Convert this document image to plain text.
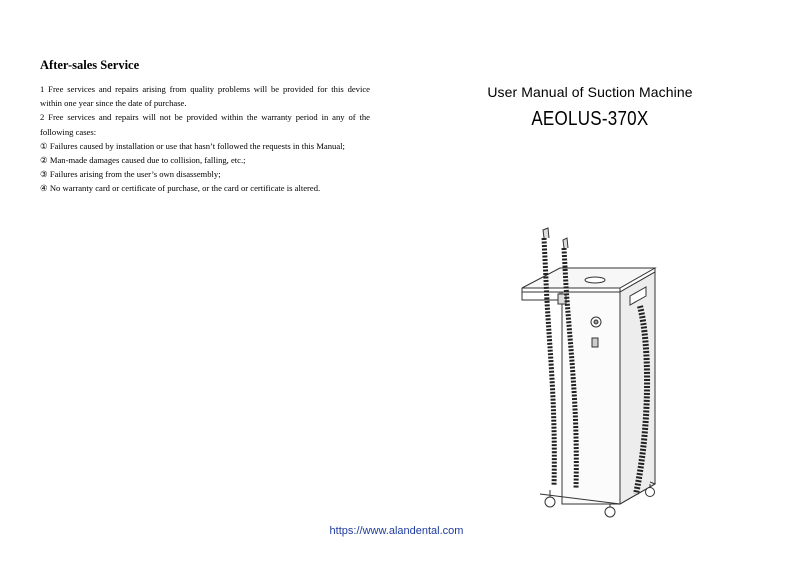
After-sales Service

1 Free services and repairs arising from quality problems will be provided for this device within one year since the date of purchase.

2 Free services and repairs will not be provided within the warranty period in any of the following cases:

① Failures caused by installation or use that hasn’t followed the requests in this Manual;

② Man-made damages caused due to collision, falling, etc.;

③ Failures arising from the user’s own disassembly;

④ No warranty card or certificate of purchase, or the card or certificate is altered.

User Manual of Suction Machine

AEOLUS-370X
https://www.alandental.com
